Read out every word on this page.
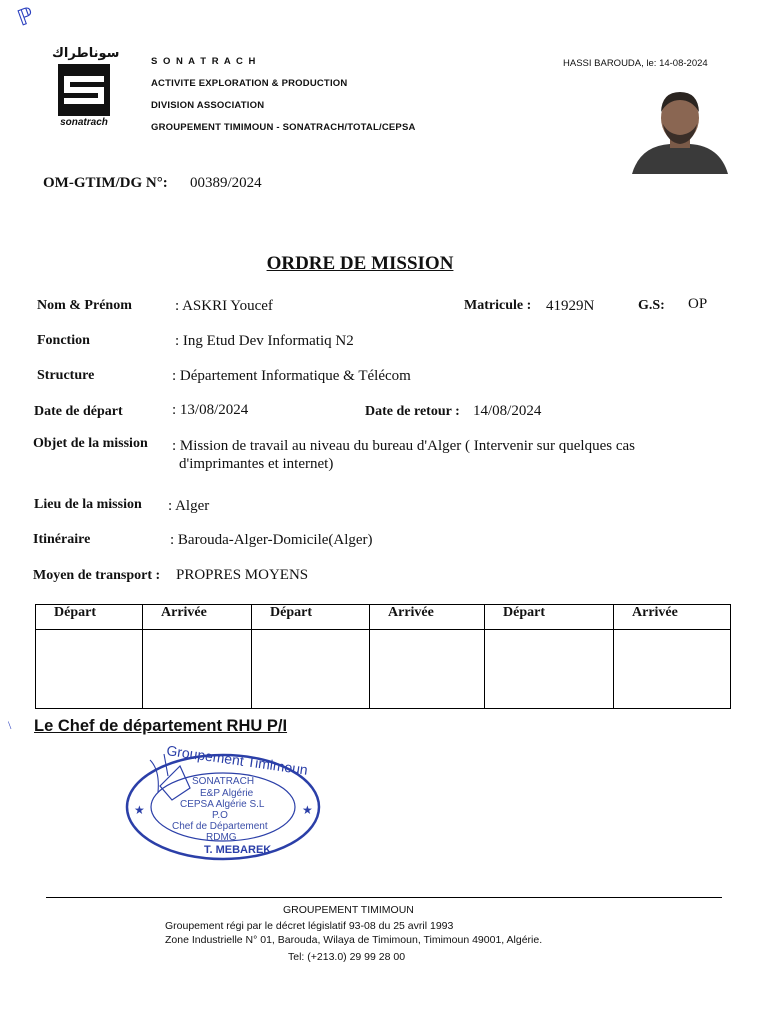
ℙ
سوناطراك
sonatrach
S O N A T R A C H
ACTIVITE EXPLORATION & PRODUCTION
DIVISION ASSOCIATION
GROUPEMENT TIMIMOUN - SONATRACH/TOTAL/CEPSA
HASSI BAROUDA, le: 14-08-2024
OM-GTIM/DG N°: 00389/2024
ORDRE DE MISSION
Nom & Prénom	: ASKRI Youcef	Matricule : 41929N	G.S: OP
Fonction	: Ing Etud Dev Informatiq N2
Structure	: Département Informatique & Télécom
Date de départ	: 13/08/2024	Date de retour : 14/08/2024
Objet de la mission : Mission de travail au niveau du bureau d'Alger ( Intervenir sur quelques cas
d'imprimantes et internet)
Lieu de la mission : Alger
Itinéraire	: Barouda-Alger-Domicile(Alger)
Moyen de transport : PROPRES MOYENS
Départ	Arrivée	Départ	Arrivée	Départ	Arrivée

\ Le Chef de département RHU P/I
★	★
Groupement Timimoun
SONATRACH
E&P Algérie
CEPSA Algérie S.L
P.O
Chef de Département
RDMG
T. MEBAREK
GROUPEMENT TIMIMOUN
Groupement régi par le décret législatif 93-08 du 25 avril 1993
Zone Industrielle N° 01, Barouda, Wilaya de Timimoun, Timimoun 49001, Algérie.
Tel: (+213.0) 29 99 28 00
